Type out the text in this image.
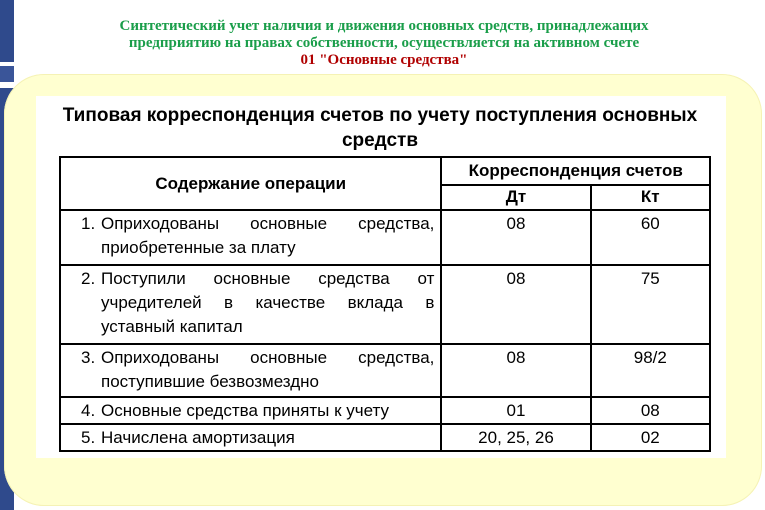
Синтетический учет наличия и движения основных средств, принадлежащих
предприятию на правах собственности, осуществляется на активном счете
01 "Основные средства"
Типовая корреспонденция счетов по учету поступления основных
средств
Содержание операции	Корреспонденция счетов	
	Дт	Кт
1. Оприходованы основные средства, приобретенные за плату	08	60
2. Поступили основные средства от учредителей в качестве вклада в уставный капитал	08	75
3. Оприходованы основные средства, поступившие безвозмездно	08	98/2
4. Основные средства приняты к учету	01	08
5. Начислена амортизация	20, 25, 26	02
